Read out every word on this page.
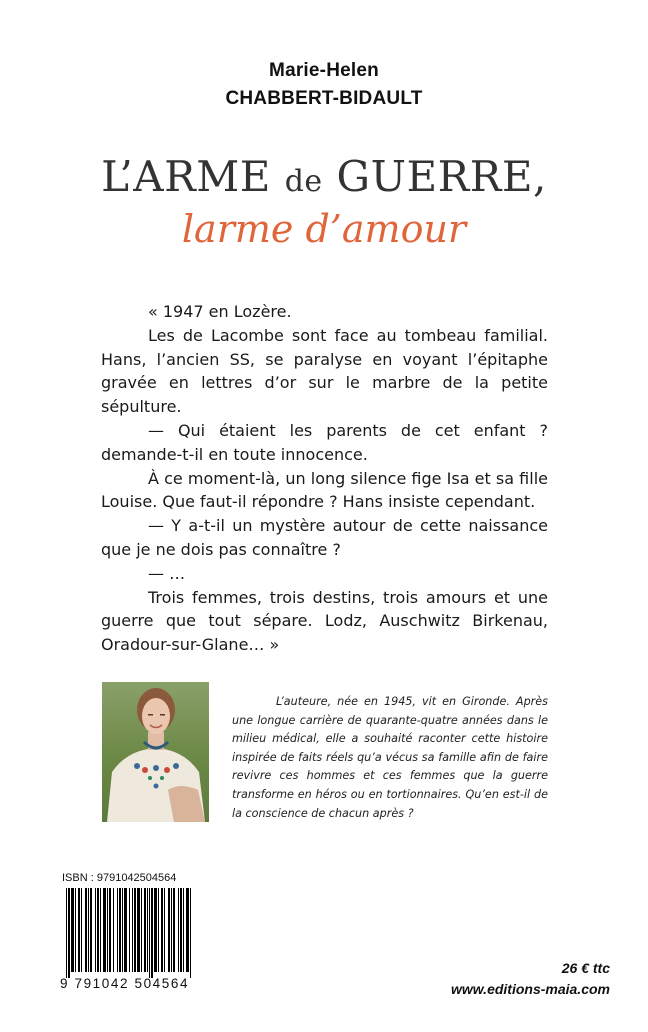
Marie-Helen
CHABBERT-BIDAULT
L’ARME de GUERRE,
larme d’amour

« 1947 en Lozère.

Les de Lacombe sont face au tombeau familial. Hans, l’ancien SS, se paralyse en voyant l’épitaphe gravée en lettres d’or sur le marbre de la petite sépulture.

— Qui étaient les parents de cet enfant ? demande-t-il en toute innocence.

À ce moment-là, un long silence fige Isa et sa fille Louise. Que faut-il répondre ? Hans insiste cependant.

— Y a-t-il un mystère autour de cette naissance que je ne dois pas connaître ?

— …

Trois femmes, trois destins, trois amours et une guerre que tout sépare. Lodz, Auschwitz Birkenau, Oradour-sur-Glane… »

L’auteure, née en 1945, vit en Gironde. Après une longue carrière de quarante-quatre années dans le milieu médical, elle a souhaité raconter cette histoire inspirée de faits réels qu’a vécus sa famille afin de faire revivre ces hommes et ces femmes que la guerre transforme en héros ou en tortionnaires. Qu’en est-il de la conscience de chacun après ?

ISBN : 9791042504564
9 791042 504564
26 € ttc
www.editions-maia.com
